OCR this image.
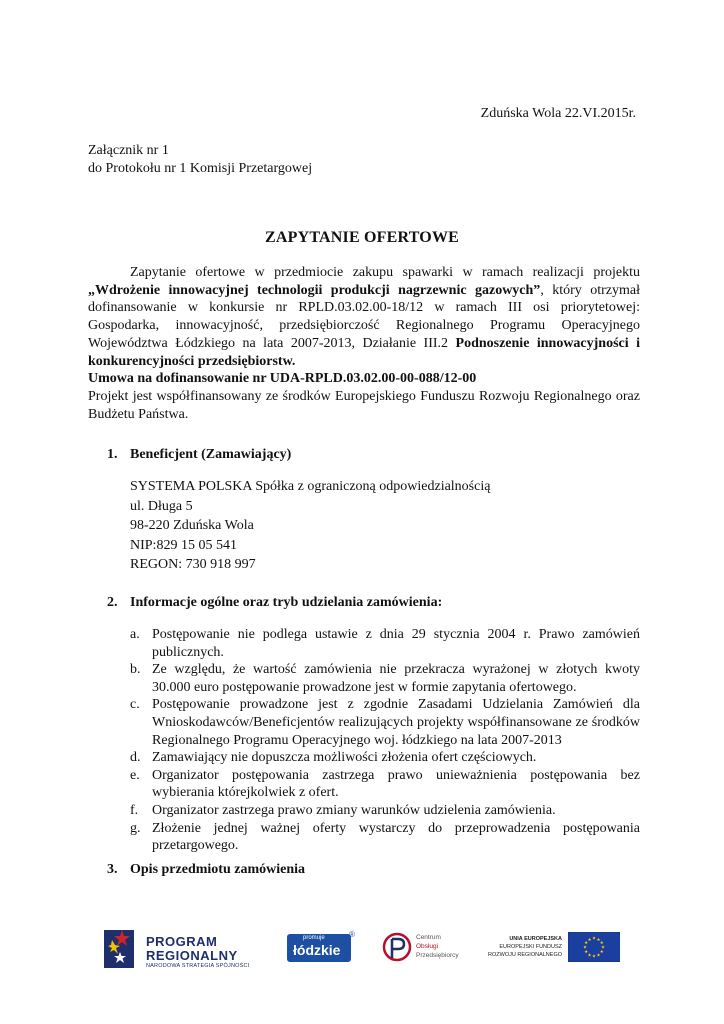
Zduńska Wola 22.VI.2015r.
Załącznik nr 1
do Protokołu nr 1 Komisji Przetargowej
ZAPYTANIE OFERTOWE

Zapytanie ofertowe w przedmiocie zakupu spawarki w ramach realizacji projektu „Wdrożenie innowacyjnej technologii produkcji nagrzewnic gazowych”, który otrzymał dofinansowanie w konkursie nr RPLD.03.02.00-18/12 w ramach III osi priorytetowej: Gospodarka, innowacyjność, przedsiębiorczość Regionalnego Programu Operacyjnego Województwa Łódzkiego na lata 2007-2013, Działanie III.2 Podnoszenie innowacyjności i konkurencyjności przedsiębiorstw.

Umowa na dofinansowanie nr UDA-RPLD.03.02.00-00-088/12-00

Projekt jest współfinansowany ze środków Europejskiego Funduszu Rozwoju Regionalnego oraz Budżetu Państwa.

1. Beneficjent (Zamawiający)
SYSTEMA POLSKA Spółka z ograniczoną odpowiedzialnością
ul. Długa 5
98-220 Zduńska Wola
NIP:829 15 05 541
REGON: 730 918 997
2. Informacje ogólne oraz tryb udzielania zamówienia:
a. Postępowanie nie podlega ustawie z dnia 29 stycznia 2004 r. Prawo zamówień publicznych.
b. Ze względu, że wartość zamówienia nie przekracza wyrażonej w złotych kwoty 30.000 euro postępowanie prowadzone jest w formie zapytania ofertowego.
c. Postępowanie prowadzone jest z zgodnie Zasadami Udzielania Zamówień dla Wnioskodawców/Beneficjentów realizujących projekty współfinansowane ze środków Regionalnego Programu Operacyjnego woj. łódzkiego na lata 2007-2013
d. Zamawiający nie dopuszcza możliwości złożenia ofert częściowych.
e. Organizator postępowania zastrzega prawo unieważnienia postępowania bez wybierania którejkolwiek z ofert.
f. Organizator zastrzega prawo zmiany warunków udzielenia zamówienia.
g. Złożenie jednej ważnej oferty wystarczy do przeprowadzenia postępowania przetargowego.
3. Opis przedmiotu zamówienia
PROGRAM
REGIONALNY
NARODOWA STRATEGIA SPÓJNOŚCI
promuje
łódzkie
®	Centrum
Obsługi
Przedsiębiorcy
UNIA EUROPEJSKA
EUROPEJSKI FUNDUSZ
ROZWOJU REGIONALNEGO
★
★
★
★
★
★
★
★
★ ★ ★
★
